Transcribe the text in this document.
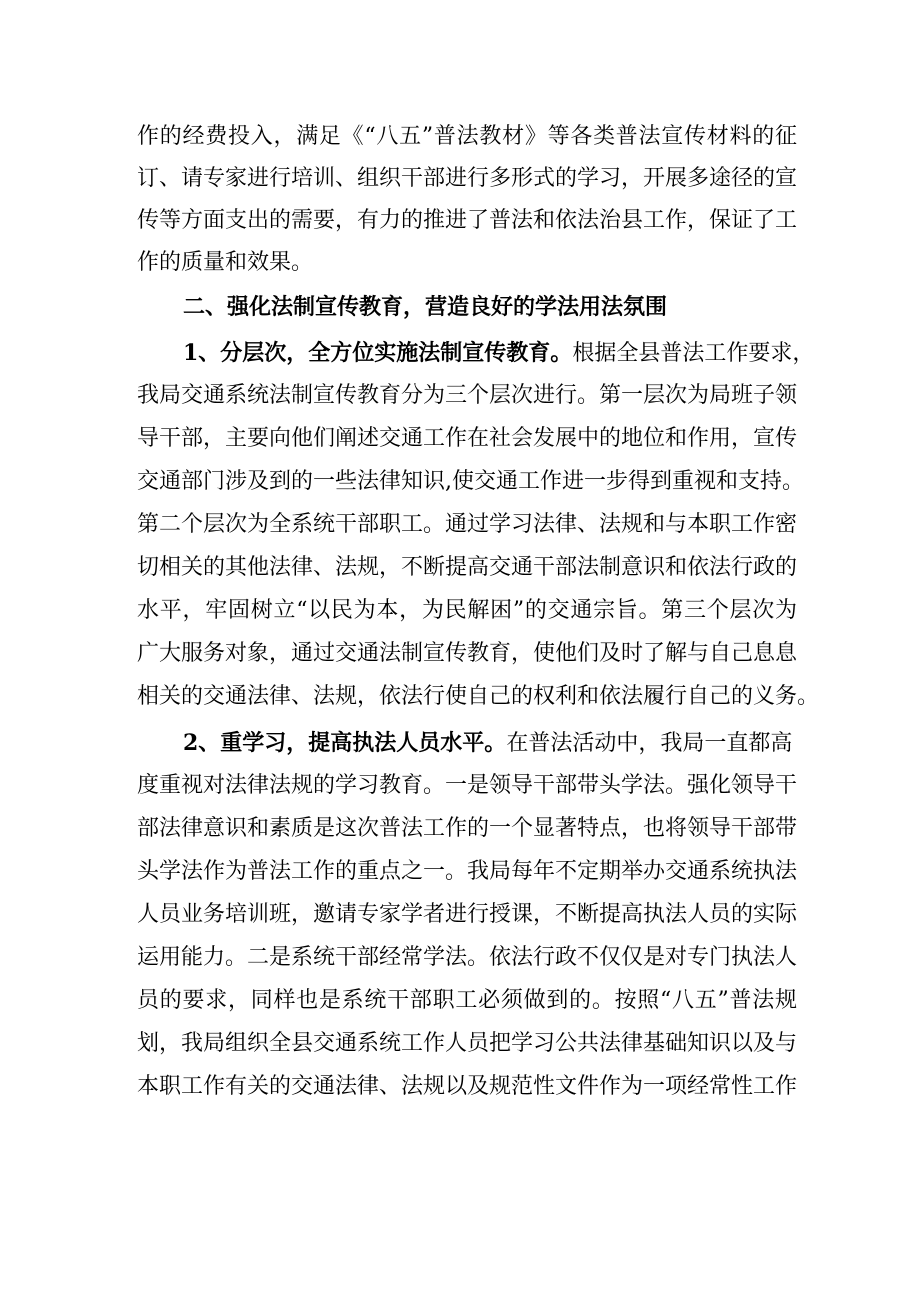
作的经费投入，满足《“八五”普法教材》等各类普法宣传材料的征
订、请专家进行培训、组织干部进行多形式的学习，开展多途径的宣
传等方面支出的需要，有力的推进了普法和依法治县工作，保证了工
作的质量和效果。
二、强化法制宣传教育，营造良好的学法用法氛围
1、分层次，全方位实施法制宣传教育。根据全县普法工作要求，
我局交通系统法制宣传教育分为三个层次进行。第一层次为局班子领
导干部，主要向他们阐述交通工作在社会发展中的地位和作用，宣传
交通部门涉及到的一些法律知识,使交通工作进一步得到重视和支持。
第二个层次为全系统干部职工。通过学习法律、法规和与本职工作密
切相关的其他法律、法规，不断提高交通干部法制意识和依法行政的
水平，牢固树立“以民为本，为民解困”的交通宗旨。第三个层次为
广大服务对象，通过交通法制宣传教育，使他们及时了解与自己息息
相关的交通法律、法规，依法行使自己的权利和依法履行自己的义务。
2、重学习，提高执法人员水平。在普法活动中，我局一直都高
度重视对法律法规的学习教育。一是领导干部带头学法。强化领导干
部法律意识和素质是这次普法工作的一个显著特点，也将领导干部带
头学法作为普法工作的重点之一。我局每年不定期举办交通系统执法
人员业务培训班，邀请专家学者进行授课，不断提高执法人员的实际
运用能力。二是系统干部经常学法。依法行政不仅仅是对专门执法人
员的要求，同样也是系统干部职工必须做到的。按照“八五”普法规
划，我局组织全县交通系统工作人员把学习公共法律基础知识以及与
本职工作有关的交通法律、法规以及规范性文件作为一项经常性工作
